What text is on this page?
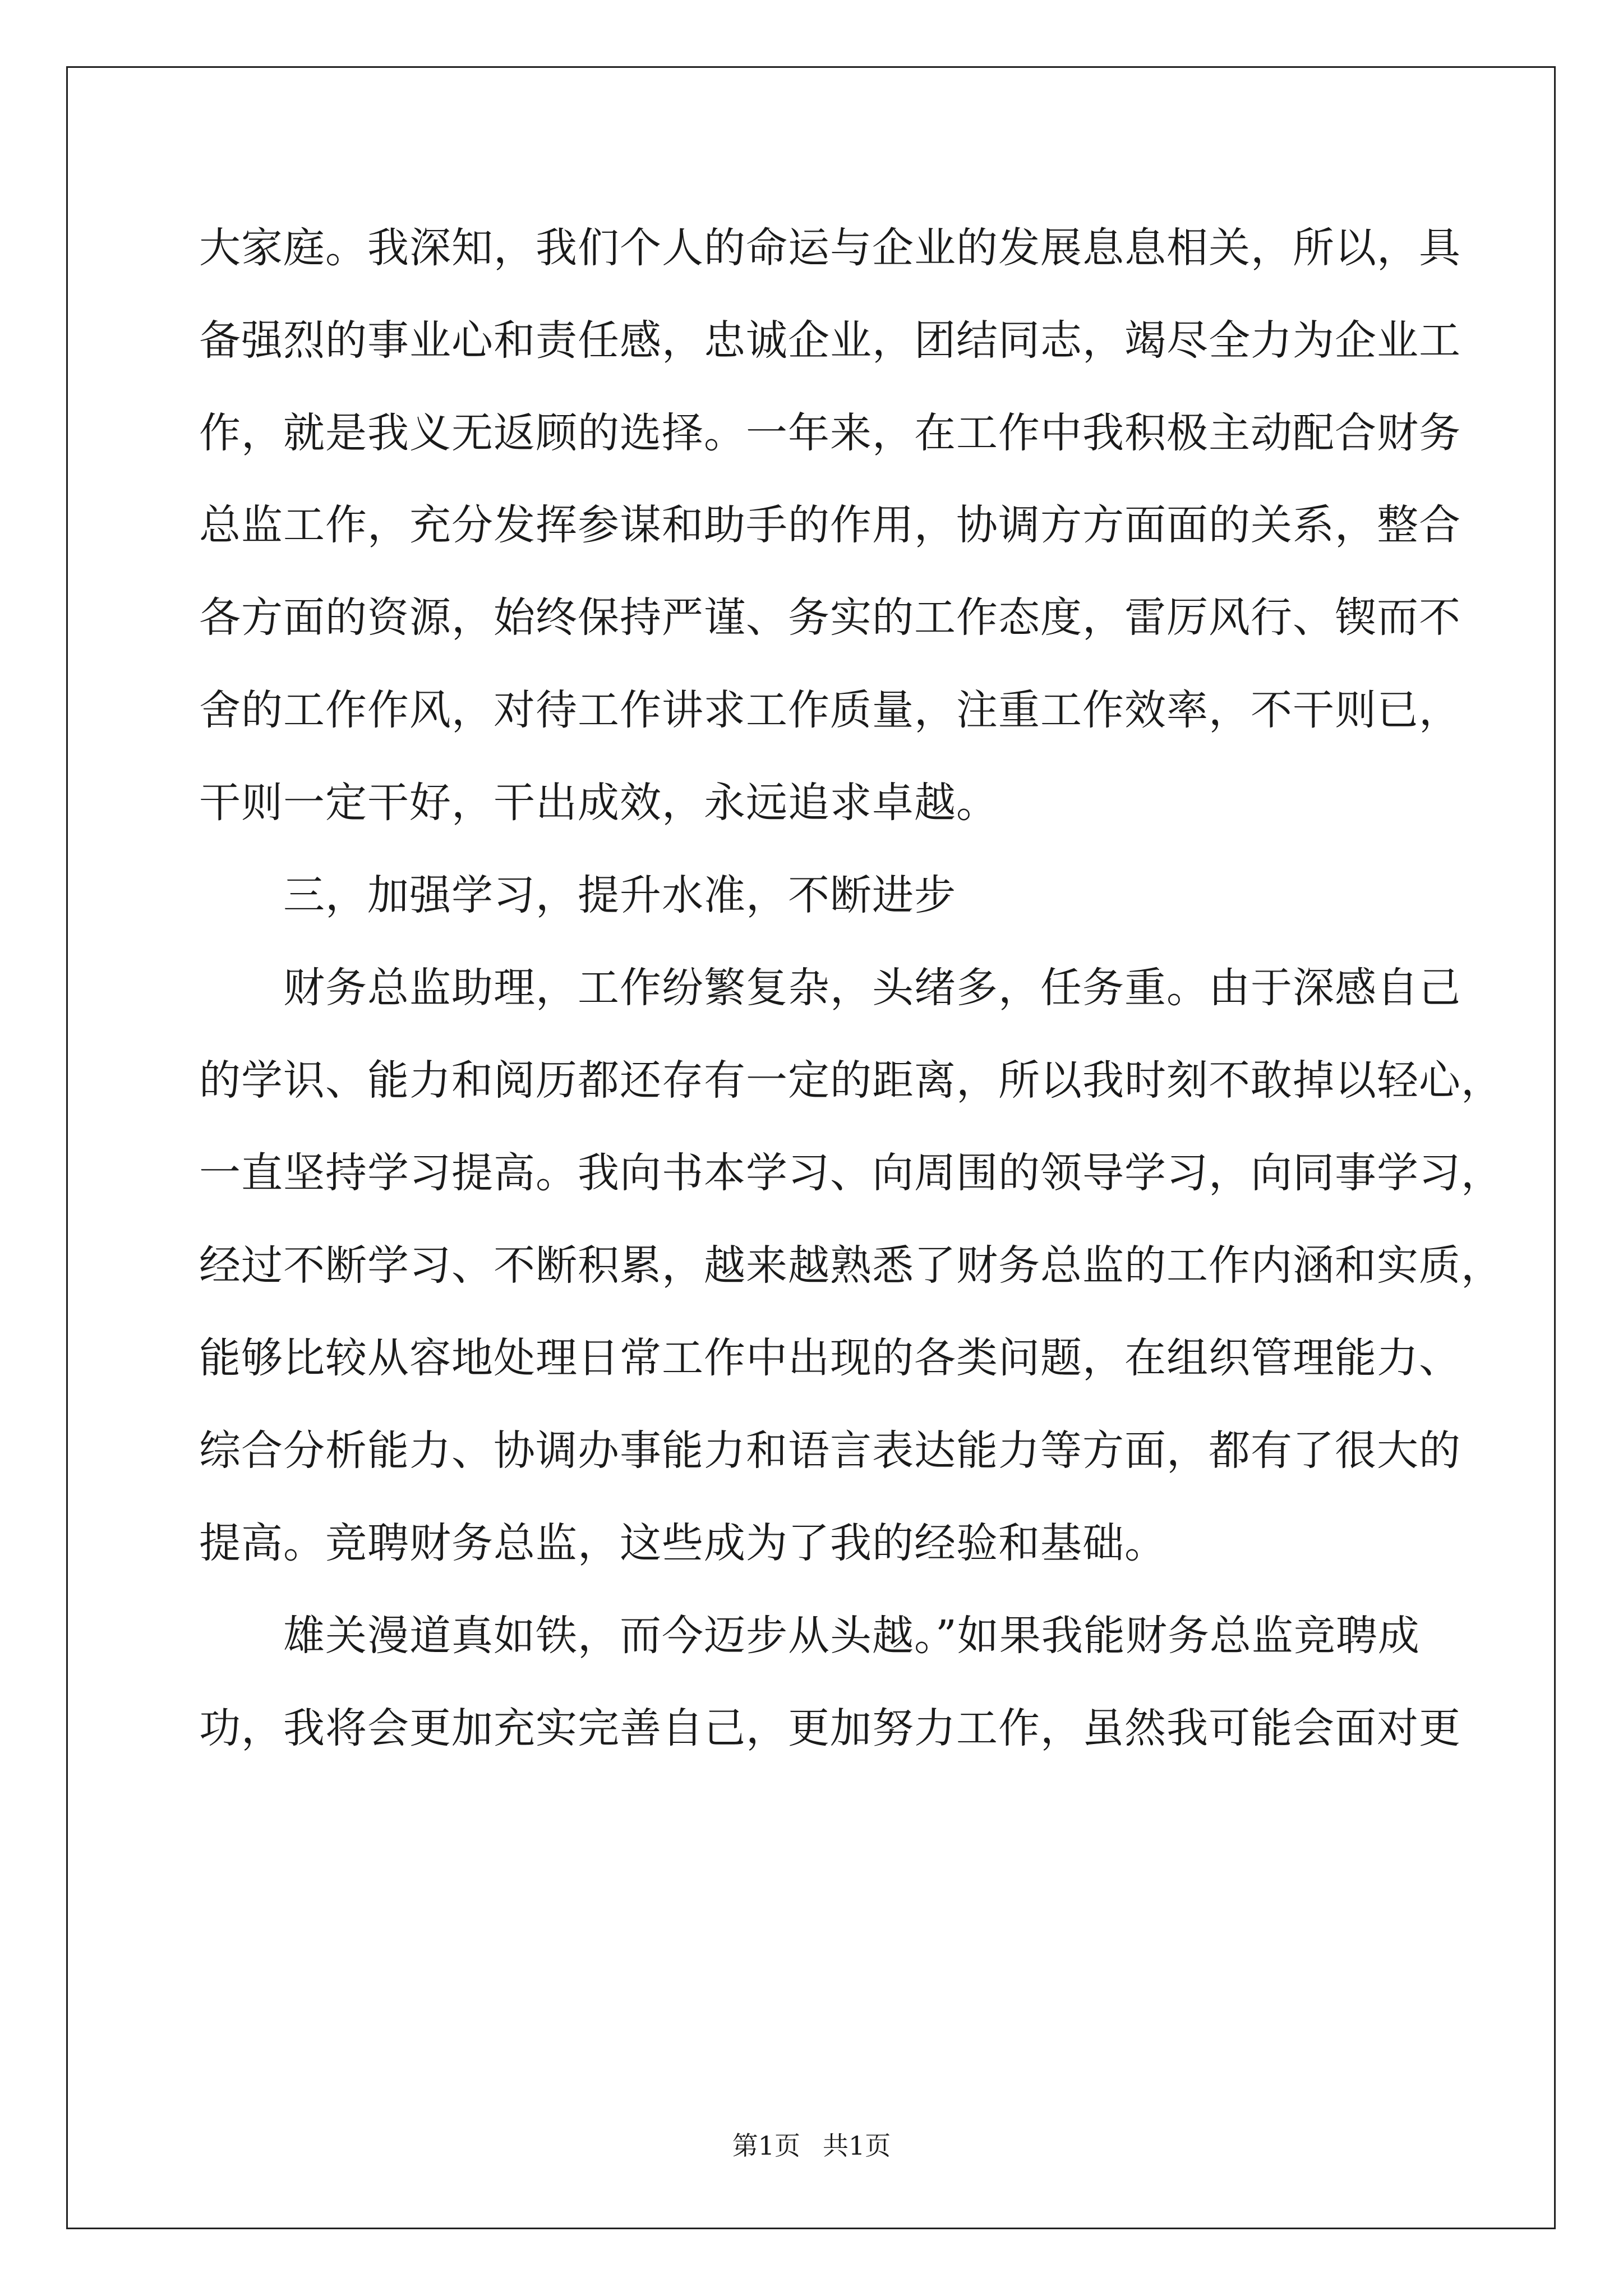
大家庭。我深知，我们个人的命运与企业的发展息息相关，所以，具
备强烈的事业心和责任感，忠诚企业，团结同志，竭尽全力为企业工
作，就是我义无返顾的选择。一年来，在工作中我积极主动配合财务
总监工作，充分发挥参谋和助手的作用，协调方方面面的关系，整合
各方面的资源，始终保持严谨、务实的工作态度，雷厉风行、锲而不
舍的工作作风，对待工作讲求工作质量，注重工作效率，不干则已，
干则一定干好，干出成效，永远追求卓越。
三，加强学习，提升水准，不断进步
财务总监助理，工作纷繁复杂，头绪多，任务重。由于深感自己
的学识、能力和阅历都还存有一定的距离，所以我时刻不敢掉以轻心，
一直坚持学习提高。我向书本学习、向周围的领导学习，向同事学习，
经过不断学习、不断积累，越来越熟悉了财务总监的工作内涵和实质，
能够比较从容地处理日常工作中出现的各类问题，在组织管理能力、
综合分析能力、协调办事能力和语言表达能力等方面，都有了很大的
提高。竞聘财务总监，这些成为了我的经验和基础。
雄关漫道真如铁，而今迈步从头越。”如果我能财务总监竞聘成
功，我将会更加充实完善自己，更加努力工作，虽然我可能会面对更
第1页 共1页
